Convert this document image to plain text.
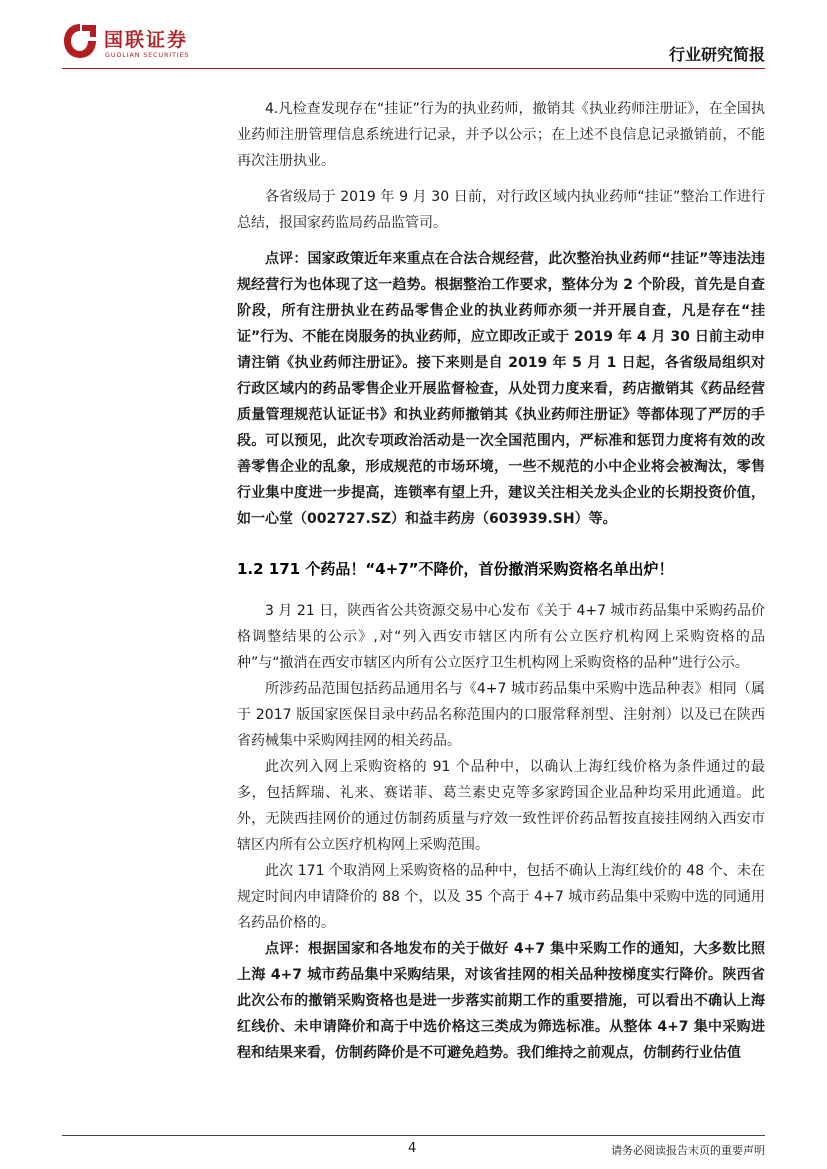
国联证券
GUOLIAN SECURITIES	行业研究简报

4.凡检查发现存在“挂证”行为的执业药师，撤销其《执业药师注册证》，在全国执业药师注册管理信息系统进行记录，并予以公示；在上述不良信息记录撤销前，不能再次注册执业。

各省级局于 2019 年 9 月 30 日前，对行政区域内执业药师“挂证”整治工作进行总结，报国家药监局药品监管司。

点评：国家政策近年来重点在合法合规经营，此次整治执业药师“挂证”等违法违规经营行为也体现了这一趋势。根据整治工作要求，整体分为 2 个阶段，首先是自查阶段，所有注册执业在药品零售企业的执业药师亦须一并开展自查，凡是存在“挂证”行为、不能在岗服务的执业药师，应立即改正或于 2019 年 4 月 30 日前主动申请注销《执业药师注册证》。接下来则是自 2019 年 5 月 1 日起，各省级局组织对行政区域内的药品零售企业开展监督检查，从处罚力度来看，药店撤销其《药品经营质量管理规范认证证书》和执业药师撤销其《执业药师注册证》等都体现了严厉的手段。可以预见，此次专项政治活动是一次全国范围内，严标准和惩罚力度将有效的改善零售企业的乱象，形成规范的市场环境，一些不规范的小中企业将会被淘汰，零售行业集中度进一步提高，连锁率有望上升，建议关注相关龙头企业的长期投资价值，如一心堂（002727.SZ）和益丰药房（603939.SH）等。

1.2 171 个药品！“4+7”不降价，首份撤消采购资格名单出炉！

3 月 21 日，陕西省公共资源交易中心发布《关于 4+7 城市药品集中采购药品价格调整结果的公示》,对“列入西安市辖区内所有公立医疗机构网上采购资格的品种”与“撤消在西安市辖区内所有公立医疗卫生机构网上采购资格的品种”进行公示。

所涉药品范围包括药品通用名与《4+7 城市药品集中采购中选品种表》相同（属于 2017 版国家医保目录中药品名称范围内的口服常释剂型、注射剂）以及已在陕西省药械集中采购网挂网的相关药品。

此次列入网上采购资格的 91 个品种中，以确认上海红线价格为条件通过的最多，包括辉瑞、礼来、赛诺菲、葛兰素史克等多家跨国企业品种均采用此通道。此外，无陕西挂网价的通过仿制药质量与疗效一致性评价药品暂按直接挂网纳入西安市辖区内所有公立医疗机构网上采购范围。

此次 171 个取消网上采购资格的品种中，包括不确认上海红线价的 48 个、未在规定时间内申请降价的 88 个，以及 35 个高于 4+7 城市药品集中采购中选的同通用名药品价格的。

点评：根据国家和各地发布的关于做好 4+7 集中采购工作的通知，大多数比照上海 4+7 城市药品集中采购结果，对该省挂网的相关品种按梯度实行降价。陕西省此次公布的撤销采购资格也是进一步落实前期工作的重要措施，可以看出不确认上海红线价、未申请降价和高于中选价格这三类成为筛选标准。从整体 4+7 集中采购进程和结果来看，仿制药降价是不可避免趋势。我们维持之前观点，仿制药行业估值

4	请务必阅读报告末页的重要声明
